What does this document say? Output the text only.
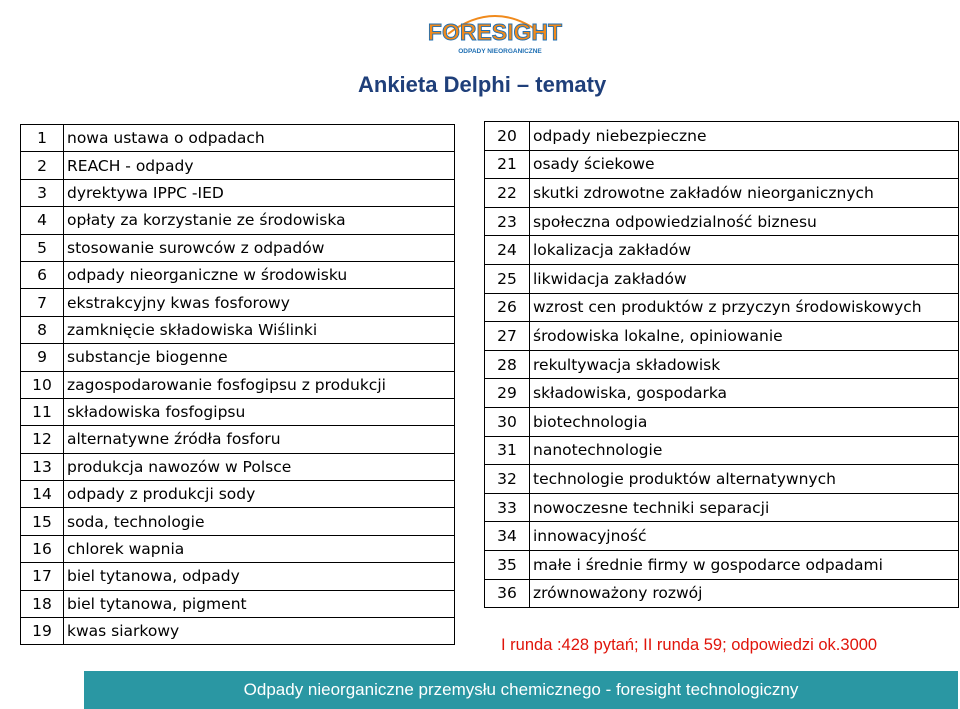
FORESIGHT
ODPADY NIEORGANICZNE
Ankieta Delphi – tematy
1	nowa ustawa o odpadach
2	REACH - odpady
3	dyrektywa IPPC -IED
4	opłaty za korzystanie ze środowiska
5	stosowanie surowców z odpadów
6	odpady nieorganiczne w środowisku
7	ekstrakcyjny kwas fosforowy
8	zamknięcie składowiska Wiślinki
9	substancje biogenne
10	zagospodarowanie fosfogipsu z produkcji
11	składowiska fosfogipsu
12	alternatywne źródła fosforu
13	produkcja nawozów w Polsce
14	odpady z produkcji sody
15	soda, technologie
16	chlorek wapnia
17	biel tytanowa, odpady
18	biel tytanowa, pigment
19	kwas siarkowy
20	odpady niebezpieczne
21	osady ściekowe
22	skutki zdrowotne zakładów nieorganicznych
23	społeczna odpowiedzialność biznesu
24	lokalizacja zakładów
25	likwidacja zakładów
26	wzrost cen produktów z przyczyn środowiskowych
27	środowiska lokalne, opiniowanie
28	rekultywacja składowisk
29	składowiska, gospodarka
30	biotechnologia
31	nanotechnologie
32	technologie produktów alternatywnych
33	nowoczesne techniki separacji
34	innowacyjność
35	małe i średnie firmy w gospodarce odpadami
36	zrównoważony rozwój
I runda :428 pytań; II runda 59; odpowiedzi ok.3000
Odpady nieorganiczne przemysłu chemicznego - foresight technologiczny
